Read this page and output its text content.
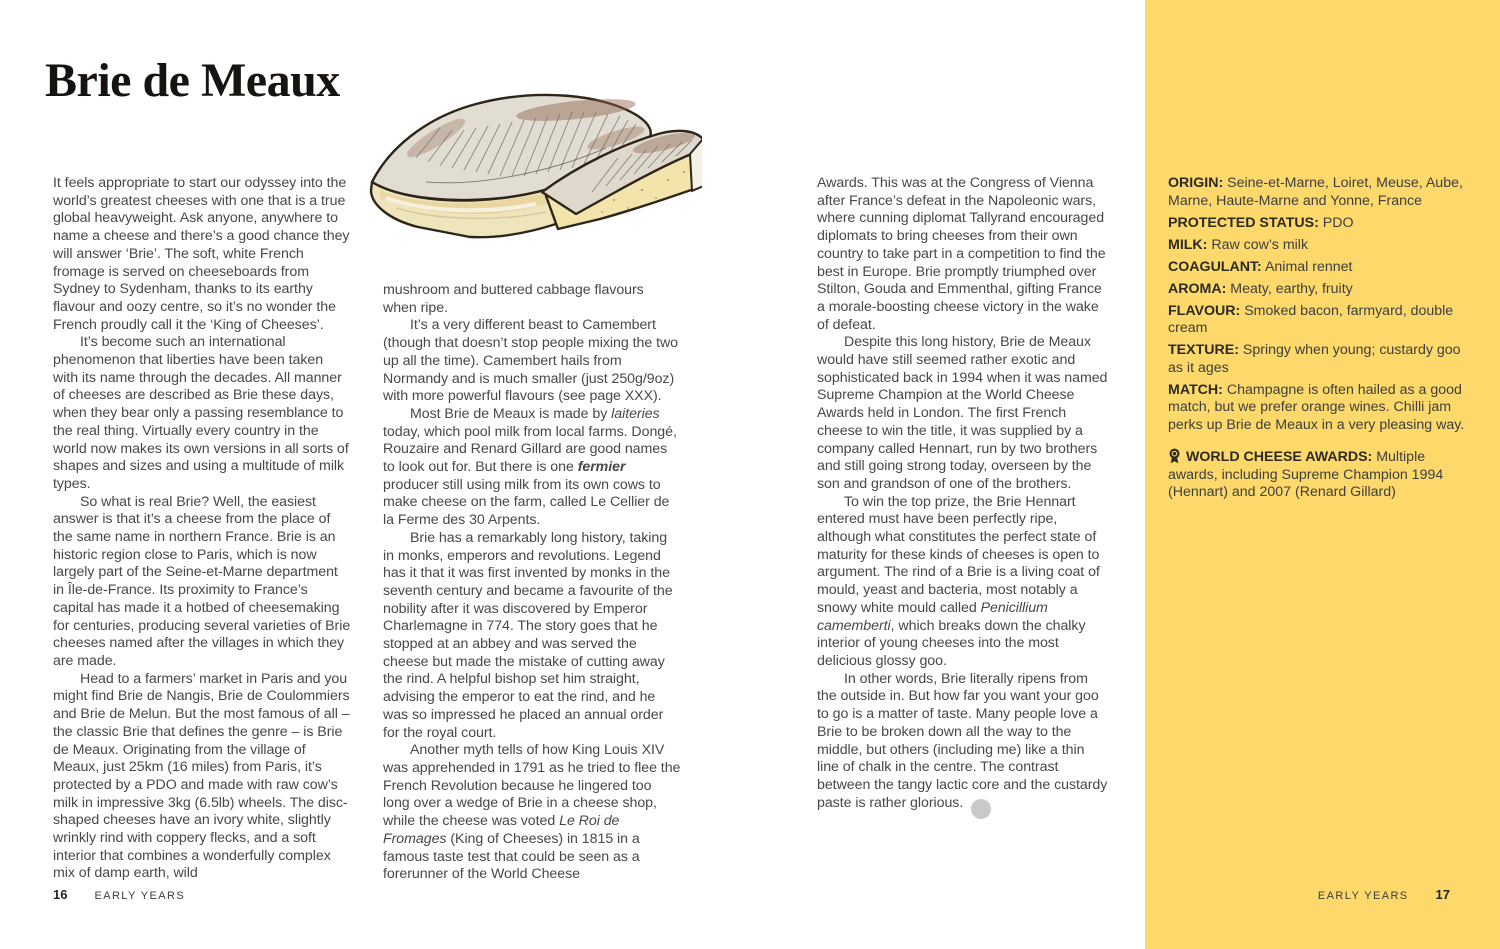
Brie de Meaux

It feels appropriate to start our odyssey into the world’s greatest cheeses with one that is a true global heavyweight. Ask anyone, anywhere to name a cheese and there’s a good chance they will answer ‘Brie’. The soft, white French fromage is served on cheeseboards from Sydney to Sydenham, thanks to its earthy flavour and oozy centre, so it’s no wonder the French proudly call it the ‘King of Cheeses’.

It’s become such an international phenomenon that liberties have been taken with its name through the decades. All manner of cheeses are described as Brie these days, when they bear only a passing resemblance to the real thing. Virtually every country in the world now makes its own versions in all sorts of shapes and sizes and using a multitude of milk types.

So what is real Brie? Well, the easiest answer is that it’s a cheese from the place of the same name in northern France. Brie is an historic region close to Paris, which is now largely part of the Seine-et-Marne department in Île-de-France. Its proximity to France’s capital has made it a hotbed of cheesemaking for centuries, producing several varieties of Brie cheeses named after the villages in which they are made.

Head to a farmers’ market in Paris and you might find Brie de Nangis, Brie de Coulommiers and Brie de Melun. But the most famous of all – the classic Brie that defines the genre – is Brie de Meaux. Originating from the village of Meaux, just 25km (16 miles) from Paris, it’s protected by a PDO and made with raw cow’s milk in impressive 3kg (6.5lb) wheels. The disc-shaped cheeses have an ivory white, slightly wrinkly rind with coppery flecks, and a soft interior that combines a wonderfully complex mix of damp earth, wild

mushroom and buttered cabbage flavours when ripe.

It’s a very different beast to Camembert (though that doesn’t stop people mixing the two up all the time). Camembert hails from Normandy and is much smaller (just 250g/9oz) with more powerful flavours (see page XXX).

Most Brie de Meaux is made by laiteries today, which pool milk from local farms. Dongé, Rouzaire and Renard Gillard are good names to look out for. But there is one fermier producer still using milk from its own cows to make cheese on the farm, called Le Cellier de la Ferme des 30 Arpents.

Brie has a remarkably long history, taking in monks, emperors and revolutions. Legend has it that it was first invented by monks in the seventh century and became a favourite of the nobility after it was discovered by Emperor Charlemagne in 774. The story goes that he stopped at an abbey and was served the cheese but made the mistake of cutting away the rind. A helpful bishop set him straight, advising the emperor to eat the rind, and he was so impressed he placed an annual order for the royal court.

Another myth tells of how King Louis XIV was apprehended in 1791 as he tried to flee the French Revolution because he lingered too long over a wedge of Brie in a cheese shop, while the cheese was voted Le Roi de Fromages (King of Cheeses) in 1815 in a famous taste test that could be seen as a forerunner of the World Cheese

Awards. This was at the Congress of Vienna after France’s defeat in the Napoleonic wars, where cunning diplomat Tallyrand encouraged diplomats to bring cheeses from their own country to take part in a competition to find the best in Europe. Brie promptly triumphed over Stilton, Gouda and Emmenthal, gifting France a morale-boosting cheese victory in the wake of defeat.

Despite this long history, Brie de Meaux would have still seemed rather exotic and sophisticated back in 1994 when it was named Supreme Champion at the World Cheese Awards held in London. The first French cheese to win the title, it was supplied by a company called Hennart, run by two brothers and still going strong today, overseen by the son and grandson of one of the brothers.

To win the top prize, the Brie Hennart entered must have been perfectly ripe, although what constitutes the perfect state of maturity for these kinds of cheeses is open to argument. The rind of a Brie is a living coat of mould, yeast and bacteria, most notably a snowy white mould called Penicillium camemberti, which breaks down the chalky interior of young cheeses into the most delicious glossy goo.

In other words, Brie literally ripens from the outside in. But how far you want your goo to go is a matter of taste. Many people love a Brie to be broken down all the way to the middle, but others (including me) like a thin line of chalk in the centre. The contrast between the tangy lactic core and the custardy paste is rather glorious.	PM

ORIGIN: Seine-et-Marne, Loiret, Meuse, Aube, Marne, Haute-Marne and Yonne, France

PROTECTED STATUS: PDO

MILK: Raw cow’s milk

COAGULANT: Animal rennet

AROMA: Meaty, earthy, fruity

FLAVOUR: Smoked bacon, farmyard, double cream

TEXTURE: Springy when young; custardy goo as it ages

MATCH: Champagne is often hailed as a good match, but we prefer orange wines. Chilli jam perks up Brie de Meaux in a very pleasing way.

WORLD CHEESE AWARDS: Multiple awards, including Supreme Champion 1994 (Hennart) and 2007 (Renard Gillard)

16 EARLY YEARS	EARLY YEARS 17
